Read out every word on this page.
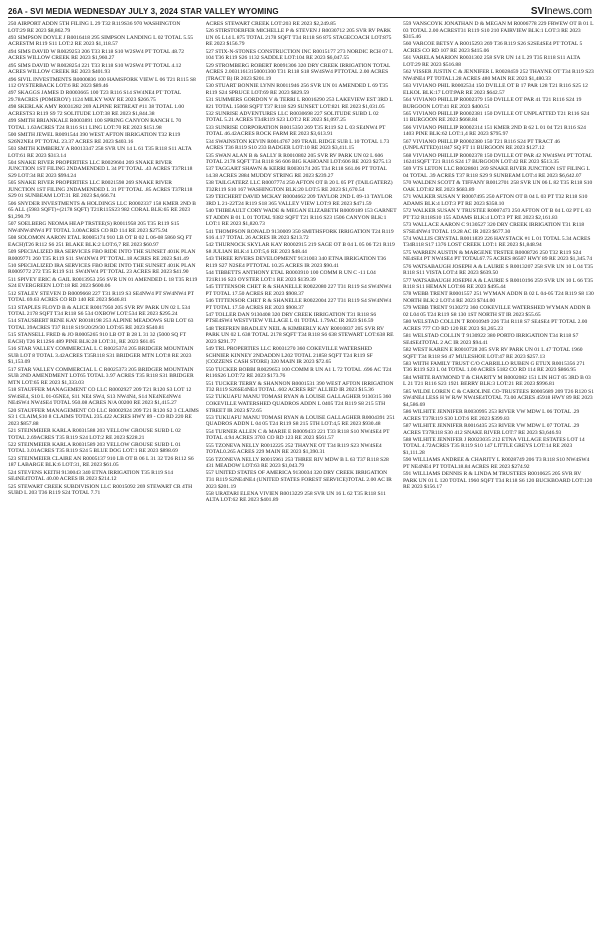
26A - SVI MEDIA WEDNESDAY JULY 3, 2024 STAR VALLEY WYOMING	SVInews.com
250 AIRPORT ADDN 5TH FILING L 29 T32 R119S36 970 WASHINGTON LOT:29 RE 2023 $8,862.79
493 SIMPSON DOYLE J R0016418 295 SIMPSON LANDING L 02 TOTAL 5.55 ACRESTM R119 S11 LOT:2 RE 2023 $1,118.57
494 SIMS DAVID W R0029253 206 T33 R118 S10 W2SW4 PT TOTAL 48.72 ACRES WILLOW CREEK RE 2023 $1,960.27
495 SIMS DAVID W R0028254 221 T33 R118 S10 W2SW4 PT TOTAL 4.12 ACRES WILLOW CREEK RE 2023 $401.93
496 SIVIL INVESTMENTS R0000836 100 HAMSFORK VIEW L 06 T21 R115 S8 112 OYSTERBACK LOT:6 RE 2023 $89.46
497 SKAGGS JAMES D R0003665 100 T23 R116 S14 SW4NE4 PT TOTAL 29.78ACRES (POMEROY) 1124 MILKY WAY RE 2023 $266.75
498 SKERLAK AMY R0031282 269 ALPINE RETREAT #11 38 TOTAL 1.00 ACRESTS3 R119 S9 72 SOLITUDE LOT:38 RE 2023 $1,844.38
499 SMITH BRIANKALE R0003891 100 SPRING CANYON RANCH L 70 TOTAL 1.63ACRES T24 R116 S11 LING LOT:70 RE 2023 $151.98
500 SMITH JEWEL R0091544 390 WEST AFTON IRRIGATION T32 R119 S26N2NE4 PT TOTAL 23.37 ACRES RE 2023 $403.16
503 SMITH KIMBERLY A R0013347 258 SVR UN 14 L 61 T35 R118 S11 ALTA LOT:61 RE 2023 $313.14
504 SNAKE RIVER PROPERTIES LLC R0029604 269 SNAKE RIVER JUNCTION 1ST FILING 2NDAMENDED L 34 PT TOTAL .43 ACRES T37R118 S29 LOT:34 RE 2023 $994.24
505 SNAKE RIVER PROPERTIES LLC R0021598 269 SNAKE RIVER JUNCTION 1ST FILING 2NDAMENDED L 31 PT TOTAL .85 ACRES T37R118 S29 01 SUNBEAM LOT:31 RE 2023 $4,666.74
506 SNYDER INVESTMENTS & HOLDINGS LLC R0002337 158 KMER 2ND B 65 ALL (5983 SQFT)+(2178 SQFT) T21R115S23 982 CORAL BLK:65 RE 2023 $1,290.79
507 SOELBERG NEOMA HEAP TRSTEE(S) R0011958 205 T35 R119 S15 NW4NW4NW4 PT TOTAL 3.00ACRES CO RD 114 RE 2023 $275.94
508 SOLOMON AARON ETAL R0005174 910 LB OT B 02 L 06-08 5860 SQ FT EACH)T26 R112 S6 251 BLAKE BLK:2 LOT:6,7 RE 2023 $60.97
509 SPECIALIZED IRA SERVICES FBO RIDE INTO THE SUNSET 401K PLAN R0009771 260 T35 R119 S11 SW4NW4 PT TOTAL.18 ACRES RE 2023 $41.49
510 SPECIALIZED IRA SERVICES FBO RIDE INTO THE SUNSET 401K PLAN R0009772 272 T35 R119 S11 SW4NW4 PT TOTAL 23 ACRES RE 2023 $41.90
511 SPIVEY ERIC & GAIL R0013953 256 SVR UN 01 AMENDED L 18 T35 R119 S24 EVERGREEN LOT:18 RE 2023 $600.06
512 STALEY STEVEN D R0009668 227 T31 R119 S3 SE4NW4 PT SW4NW4 PT TOTAL 69.63 ACRES CO RD 140 RE 2023 $646.81
513 STAPLES FLOYD B & ALICE R0017950 205 SVR RV PARK UN 02 L 534 TOTAL 2178 SQFT T34 R118 S6 534 OXBOW LOT:534 RE 2023 $295.24
514 STAUSBERT RENE KAY R0018198 253 ALPINE MEADOWS SUB LOT 63 TOTAL 39ACRES T37 R118 S19/20/29/30 LOT:65 RE 2023 $540.81
515 STANSELL FRED & JO R0005265 910 LB OT B 28 L 31 32 (5000 SQ FT EACH) T26 R112S6 489 PINE BLK:28 LOT:31, RE 2023 $61.05
516 STAR VALLEY COMMERCIAL L C R0025374 205 BRIDGER MOUNTAIN SUB LOT 8 TOTAL 3.42ACRES T35R118 S31 BRIDGER MTN LOT:8 RE 2023 $1,153.09
517 STAR VALLEY COMMERCIAL L C R0025373 205 BRIDGER MOUNTAIN SUB 2ND AMENDMENT LOT65 TOTAL 3.97 ACRES T35 R118 S31 BRIDGER MTN LOT:65 RE 2023 $1,333.03
518 STAUFFER MANAGEMENT CO LLC R0002927 209 T21 R120 S3 LOT 12 SW4SE4, S10 L 01-05NE4, S11 NE4 SW4, S13 NW4N4, S14 NE4NE4NW4 NE4SW4 NW4SE4 TOTAL 950.08 ACRES N/A 00200 RE 2023 $1,415.27
520 STAUFFER MANAGEMENT CO LLC R0002924 209 T21 R120 S2 3 CLAIMS S3 1 CLAIM,S10 8 CLAIMS TOTAL 235.422 ACRES HWY 89 - CO RD 220 RE 2023 $857.88
521 STEINMEIER KARLA R0031588 203 YELLOW GROUSE SUBD L 02 TOTAL 2.69ACRES T35 R119 S24 LOT:2 RE 2023 $228.21
522 STEINMEIER KARLA R0031589 203 YELLOW GROUSE SUBD L 01 TOTAL 3.01ACRES T35 R119 S24 5 BLUE DOG LOT:1 RE 2023 $898.69
523 STEINMEIER CLAIRE AN R0005137 910 LB OT B 06 L 31 32 T26 R112 S6 187 LABARGE BLK:6 LOT:31, RE 2023 $61.05
524 STEVENS KEITH 9130043 340 ETNA IRRIGATION T35 R119 S14 SE4NE4TOTAL 40.00 ACRES IR 2023 $214.12
525 STEWART CREEK SUBDIVISION LLC R0015092 269 STEWART CR 4TH SUBD L 203 T36 R119 S24 TOTAL 7.71
ACRES STEWART CREEK LOT:203 RE 2023 $2,249.85
526 STIRSTOERFER MICHELLE P & STEVEN J R0030712 205 SVR RV PARK UN 05 L14 L 875 TOTAL 2178 SQFT T34 R118 S6 875 STAGECOACH LOT:875 RE 2023 $156.79
527 STIX-N-STONES CONSTRUCTION INC R0015177 273 NORDIC RCH 07 L 104 T36 R119 S26 1132 SADDLE LOT:104 RE 2023 $6,047.55
529 STROMBERG ROBERT R0091306 320 DRY CREEK IRRIGATION TOTAL ACRES 2.00311613150001300 T31 R118 S18 SW4SW4 PTTOTAL 2.00 ACRES (TRACT B) IR 2023 $201.19
530 STUART BONNIE LYNN R0011946 256 SVR UN 01 AMENDED L 69 T35 R119 S24 SPRUCE LOT:69 RE 2023 $829.59
531 SUMMERS GORDON V & TERRI L R0016290 253 LAKEVIEW EST 3RD L 821 TOTAL 15068 SQFT T37 R118 S29 SUNSET LOT:821 RE 2023 $1,031.05
532 SUNRISE ADVENTURES LLC R0030698 227 SOLITUDE SUBD L 02 TOTAL 5.21 ACRES T34R119 S23 LOT:2 RE 2023 $1,097.25
533 SUNRISE CORPORATION R0015350 269 T35 R119 S2 L 03 SE4NW4 PT TOTAL 46.42ACRES ROCK FARM RE 2023 $3,613.91
534 SWAINSTON KEVIN R0014767 269 TRAIL RIDGE SUB L 10 TOTAL 1.73 ACRES T36 R119 S10 233 BADGER LOT:10 RE 2023 $3,411.15
535 SWAN ALAN B & SALLY R R0010802 205 SVR RV PARK UN 02 L 606 TOTAL 2178 SQFT T34 R118 S6 606 BIG KAHOANI LOT:606 RE 2023 $275.13
537 TAGGART SHAWN & KERRI R0030174 205 T34 R118 S61.06 PT TOTAL 14.38 ACRES 2884 MUDDY STRING RE 2023 $239.27
538 TAILGATERZ LLC R0007774 250 AFTON OT B 20 L 05 PT (TAILGATERZ) T32R119 S10 167 WASHINGTON BLK:20 LOT:5 RE 2023 $1,670.54
539 TEICHERT DAVID MCKAY R0004662 209 TAYLOR 2ND L 09-13 TAYLOR 3RD L 21-22T24 R119 S18 365 VALLEY VIEW LOT:9 RE 2023 $471.59
540 THIBEAULT CORY WADE & MEGAN ELIZABETH R0009189 153 GARNET ST ADDN B 01 L 01 TOTAL 9382 SQFT T21 R116 S23 1506 CANYON BLK:1 LOT:1 RE 2023 $1,820.73
541 THOMPSON RONALD 9130009 350 SMITHSFORK IRRIGATION T24 R119 S16 4.17 TOTAL 26 ACRES IR 2023 $213.72
542 THURNOCK SKYLAR KAY R0002915 219 SAGE OT B 04 L 05 06 T21 R119 S8 JULIAN BLK:4 LOT:5,6 RE 2023 $48.44
543 THREE RIVERS DEVELOPMENT 9131003 340 ETNA IRRIGATION T36 R119 S27 N2SE4 PTTOTAL 10.25 ACRES IR 2023 $90.41
544 TIBBETTS ANTHONY ETAL R0003910 100 COMM R UN C -11 L04 T21R116 S23 OYSTER LOT:1 RE 2023 $139.39
545 TITTENSOR CHET R & SHANELLE R0022080 227 T31 R119 S4 SW4NW4 PT TOTAL 17.50 ACRES RE 2023 $908.37
546 TITTENSOR CHET R & SHANELLE R0022004 227 T31 R119 S4 SW4NW4 PT TOTAL 17.50 ACRES RE 2023 $908.37
547 TOLLER DAN 9130408 320 DRY CREEK IRRIGATION T31 R118 S6 PTSE4SW4 WESTVIEW VILLAGE L 01 TOTAL 1.79AC IR 2023 $16.59
548 TREFREN BRADLEY NEIL & KIMBERLY KAY R0010837 205 SVR RV PARK UN 02 L 638 TOTAL 2178 SQFT T34 R118 S6 638 STEWART LOT:638 RE 2023 $291.77
549 TRL PROPERTIES LLC R0031270 360 COKEVILLE WATERSHED SCHNIER KINNEY 2NDADDN L202 TOTAL 21858 SQFT T24 R119 SF (COZZENS CASH STORE) 320 MAIN IR 2023 $72.65
550 TUCKER BOBBI R0029653 100 COMM R UN A1 L 72 TOTAL .696 AC T24 R116S26 LOT:72 RE 2023 $173.76
551 TUCKER TERRY & SHANNON R0001531 390 WEST AFTON IRRIGATION T32 R119 S26SE4NE4 TOTAL .602 ACRES RE" ALLIED IR 2023 $15.36
552 TUKUAFU MANU TOMASI RYAN & LOUISE GALLAGHER 9130315 360 COKEVILLE WATERSHED QUADROS ADDN L 0405 T24 R119 S8 215 5TH STREET IR 2023 $72.65
553 TUKUAFU MANU TOMASI RYAN & LOUISE GALLAGHER R0004391 251 QUADROS ADDN L 04 05 T24 R119 S8 215 5TH LOT:4,5 RE 2023 $930.48
554 TURNER ALLEN C & MARIE E R0009433 221 T33 R118 S10 NW4SE4 PT TOTAL 4.94 ACRES 3703 CO RD 123 RE 2023 $561.57
555 TZONEVA NELLY R0012225 252 THAYNE OT T34 R119 S23 NW4SE4 TOTAL0.265 ACRES 229 MAIN RE 2023 $1,390.31
556 TZONEVA NELLY R0015961 253 THREE RIV MDW B L 63 T37 R118 S28 431 MEADOW LOT:63 RE 2023 $1,043.79
557 UNITED STATES OF AMERICA 9130034 320 DRY CREEK IRRIGATION T31 R119 S2NE4NE4 (UNITED STATES FOREST SERVICE)TOTAL 2.00 AC IR 2023 $201.19
558 URATARI ELENA VIVIEN R0013229 258 SVR UN 16 L 62 T35 R118 S11 ALTA LOT:62 RE 2023 $401.89
559 VANSCOYK JONATHAN D & MEGAN M R0006778 229 FRWEW OT B 01 L 03 TOTAL 2.00 ACREST31 R119 S10 210 FAIRVIEW BLK:1 LOT:3 RE 2023 $315.46
560 VARCOE BETSY A R0015293 269 T36 R119 S26 S2SE4SE4 PT TOTAL 5 ACRES CO RD 107 RE 2023 $415.06
561 VARELA MARION R0031302 258 SVR UN 14 L 29 T35 R118 S11 ALTA LOT:29 RE 2023 $516.88
562 VISSER JUSTIN C & JENNIFER L R0028459 252 THAYNE OT T34 R119 S23 NW4NE4 PT TOTAL1.28 ACRES 480 MAIN RE 2023 $1,480.33
563 VIVIANO PHIL R0002534 150 DVILLE OT B 17 PAR 128 T21 R116 S25 12 ELKOL BLK:17 LOT:PAR RE 2023 $642.57
564 VIVIANO PHILLIP R0002379 150 DVILLE OT PAR 41 T21 R116 S24 19 BURGOON LOT:41 RE 2023 $400.51
565 VIVIANO PHILLIP R0002381 150 DVILLE OT UNPLATTED T21 R116 S24 11 BURGOON RE 2023 $668.84
566 VIVIANO PHILLIP R0002314 151 KMER 2ND B 62 L 01 04 T21 R116 S24 1403 PINE BLK:62 LOT:1,4 RE 2023 $795.97
567 VIVIANO PHILLIP R0002380 150 T21 R116 S24 PT TRACT 46 (UNPLATTED)11847 SQ FT 11 BURGOON RE 2023 $127.12
568 VIVIANO PHILLIP R0002378 150 DVILLE OT PAR 42 NW4SW4 PT TOTAL 16241SQFT T21 R116 S24 17 BURGOON LOT:42 RE 2023 $513.35
569 VTS LETON LLC R0028601 269 SNAKE RIVER JUNCTION 1ST FILING L 04 TOTAL .39 ACRES T37 R118 S29 9 SUNBEAM LOT:4 RE 2023 $6,642.07
570 WALDEN SCOTT & TIFFANY R0012701 258 SVR UN 06 L 82 T35 R118 S10 OAK LOT:82 RE 2023 $683.89
571 WALKER SUSAN Y R0007495 250 AFTON OT B 04 L 03 PT T32 R118 S10 ADAMS BLK:4 LOT:3 PT RE 2023 $358.10
572 WALKER SUSAN Y TRUSTEE R0007473 250 AFTON OT B 04 L 02 PT L 03 PT T32 R118S10 155 ADAMS BLK:4 LOT:3 PT RE 2023 $2,161.83
573 WALLACE AARON C 9130527 320 DRY CREEK IRRIGATION T31 R118 S7SE4NW4 TOTAL 19.28 AC IR 2023 $677.30
574 WALLIS CRYSTAL R0011839 226 HAYSTACK #1 L 01 TOTAL 5.34 ACRES T34R118 S17 1376 LOST CREEK LOT:1 RE 2023 $1,848.94
575 WARREN AUSTIN & MARGENE TRSTEE R0008726 250 T32 R119 S24 NE4SE4 PT NW4SE4 PT TOTAL67.75 ACRES 86507 HWY 89 RE 2023 $1,345.74
576 WATSABAUGH JOSEPH A & LAURIE S R0013207 258 SVR UN 10 L 04 T35 R118 S11 VISTA LOT:4 RE 2023 $639.50
577 WATSABAUGH JOSEPH A & LAURIE S R0010196 259 SVR UN 10 L 66 T35 R118 S11 HEMAN LOT:66 RE 2023 $495.44
578 WEBB TRENT R0001557 251 WYMAN ADDN B 02 L 04-05 T24 R119 S8 130 NORTH BLK:2 LOT:4 RE 2023 $744.00
579 WEBB TRENT 9130272 360 COKEVILLE WATERSHED WYMAN ADDN B 02 L04 05 T24 R119 S8 130 1ST NORTH ST IR 2023 $55.65
580 WELSTAD COLLIN T R0010949 226 T34 R118 S7 SE4SE4 PT TOTAL 2.00 ACRES 777 CO RD 120 RE 2023 $1,265.23
581 WELSTAD COLLIN T 9130922 380 PORTO IRRIGATION T34 R118 S7 SE4SE4TOTAL 2 AC IR 2023 $94.41
582 WEST KAREN E R0010728 205 SVR RV PARK UN 01 L 47 TOTAL 1960 SQFT T34 R118 S6 47 MULESHOE LOT:47 RE 2023 $257.13
583 WIITH FAMILY TRUST C/O CARRILLO RUBEN G ETUX R0015356 271 T36 R119 S23 L 04 TOTAL 1.00 ACRES 5182 CO RD 114 RE 2023 $866.95
584 WHITE RAYMOND T & CHARITY M R0002082 151 LIN HGT 05 3RD B 03 L 21 T21 R116 S23 1921 BERRY BLK:3 LOT:21 RE 2023 $996.81
585 WILDE LOREN C & CAROLINE CO-TRUSTEES R0005689 209 T26 R120 S1 SW4NE4 LESS H W R/W NW4SE4TOTAL 73.00 ACRES 45918 HWY 89 RE 2023 $4,586.69
586 WILHITE JENNIFER R0030995 253 RIVER VW MDW L 06 TOTAL .29 ACRES T37R119 S30 LOT:6 RE 2023 $399.83
587 WILHITE JENNIFER R0016435 253 RIVER VW MDW L 07 TOTAL .29 ACRES T37R118 S30 412 SNAKE RIVER LOT:7 RE 2023 $3,646.93
588 WILHITE JENNIFER J R0023035 212 ETNA VILLAGE ESTATES LOT 14 TOTAL 4.72ACRES T35 R119 S10 147 LITTLE GREYS LOT:14 RE 2023 $1,111.28
590 WILLIAMS ANDREE & CHARITY L R0028749 206 T3 R118 S10 NW4SW4 PT NE4NE4 PT TOTAL18.84 ACRES RE 2023 $274.92
591 WILLIAMS DENNIS R & LINDA M TRUSTEES R0010625 205 SVR RV PARK UN 01 L 120 TOTAL 1960 SQFT T34 R118 S6 120 BUCKBOARD LOT:120 RE 2023 $156.17
